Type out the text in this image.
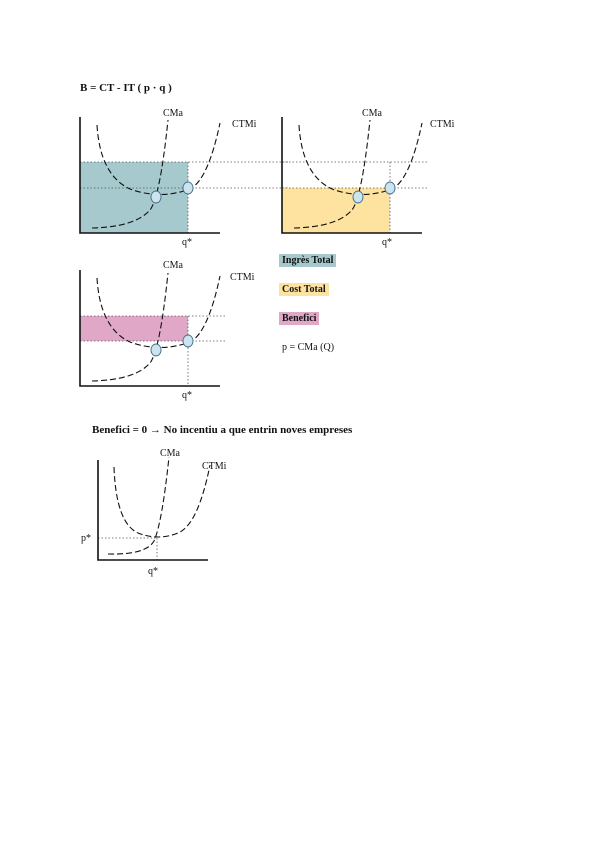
B = CT - IT ( p · q )
CMa
CTMi
q*
CMa
CTMi
q*
CMa
CTMi
q*
Ingrès Total
Cost Total
Benefici
p = CMa (Q)
Benefici = 0 → No incentiu a que entrin noves empreses
CMa
CTMi
p*
q*
